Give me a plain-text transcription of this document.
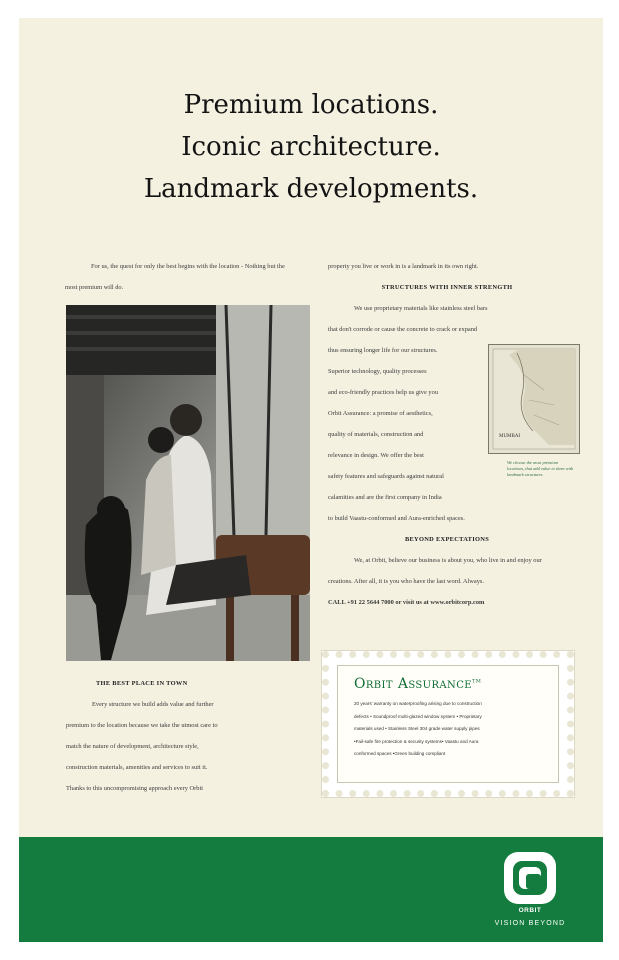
Premium locations.
Iconic architecture.
Landmark developments.

For us, the quest for only the best begins with the location - Nothing but the most premium will do.

property you live or work in is a landmark in its own right.

STRUCTURES WITH INNER STRENGTH

We use proprietary materials like stainless steel bars

that don't corrode or cause the concrete to crack or expand

thus ensuring longer life for our structures.

Superior technology, quality processes

and eco-friendly practices help us give you

Orbit Assurance: a promise of aesthetics,

quality of materials, construction and

relevance in design. We offer the best

safety features and safeguards against natural

calamities and are the first company in India

to build Vaastu-conformed and Aura-enriched spaces.

BEYOND EXPECTATIONS

We, at Orbit, believe our business is about you, who live in and enjoy our creations. After all, it is you who have the last word. Always.

CALL +91 22 5644 7000 or visit us at www.orbitcorp.com

MUMBAI
We choose the most premium locations, that add value to them with landmark structures.

THE BEST PLACE IN TOWN

Every structure we build adds value and further

premium to the location because we take the utmost care to

match the nature of development, architecture style,

construction materials, amenities and services to suit it.

Thanks to this uncompromising approach every Orbit

Orbit Assurance™
20 years' warranty on waterproofing arising due to construction
defects • Soundproof multi-glazed window system • Proprietary
materials used • Stainless Steel 304 grade water supply pipes
•Fail-safe fire protection & security systems• Vaastu and Aura
conformed spaces •Green building compliant
ORBIT
VISION BEYOND
